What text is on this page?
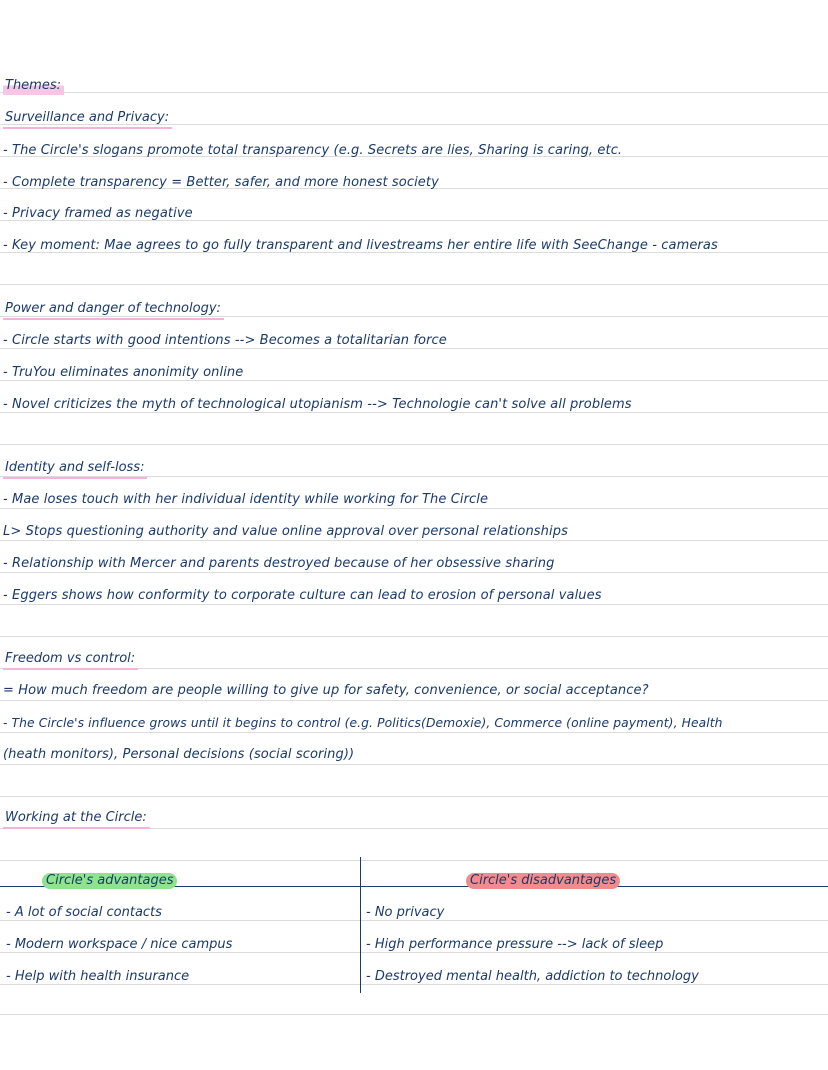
Themes:
Surveillance and Privacy:
- The Circle's slogans promote total transparency (e.g. Secrets are lies, Sharing is caring, etc.
- Complete transparency = Better, safer, and more honest society
- Privacy framed as negative
- Key moment: Mae agrees to go fully transparent and livestreams her entire life with SeeChange - cameras
Power and danger of technology:
- Circle starts with good intentions --> Becomes a totalitarian force
- TruYou eliminates anonimity online
- Novel criticizes the myth of technological utopianism --> Technologie can't solve all problems
Identity and self-loss:
- Mae loses touch with her individual identity while working for The Circle
L> Stops questioning authority and value online approval over personal relationships
- Relationship with Mercer and parents destroyed because of her obsessive sharing
- Eggers shows how conformity to corporate culture can lead to erosion of personal values
Freedom vs control:
= How much freedom are people willing to give up for safety, convenience, or social acceptance?
- The Circle's influence grows until it begins to control (e.g. Politics(Demoxie), Commerce (online payment), Health
(heath monitors), Personal decisions (social scoring))
Working at the Circle:
Circle's advantages	Circle's disadvantages
- A lot of social contacts
- Modern workspace / nice campus
- Help with health insurance
- No privacy
- High performance pressure --> lack of sleep
- Destroyed mental health, addiction to technology
